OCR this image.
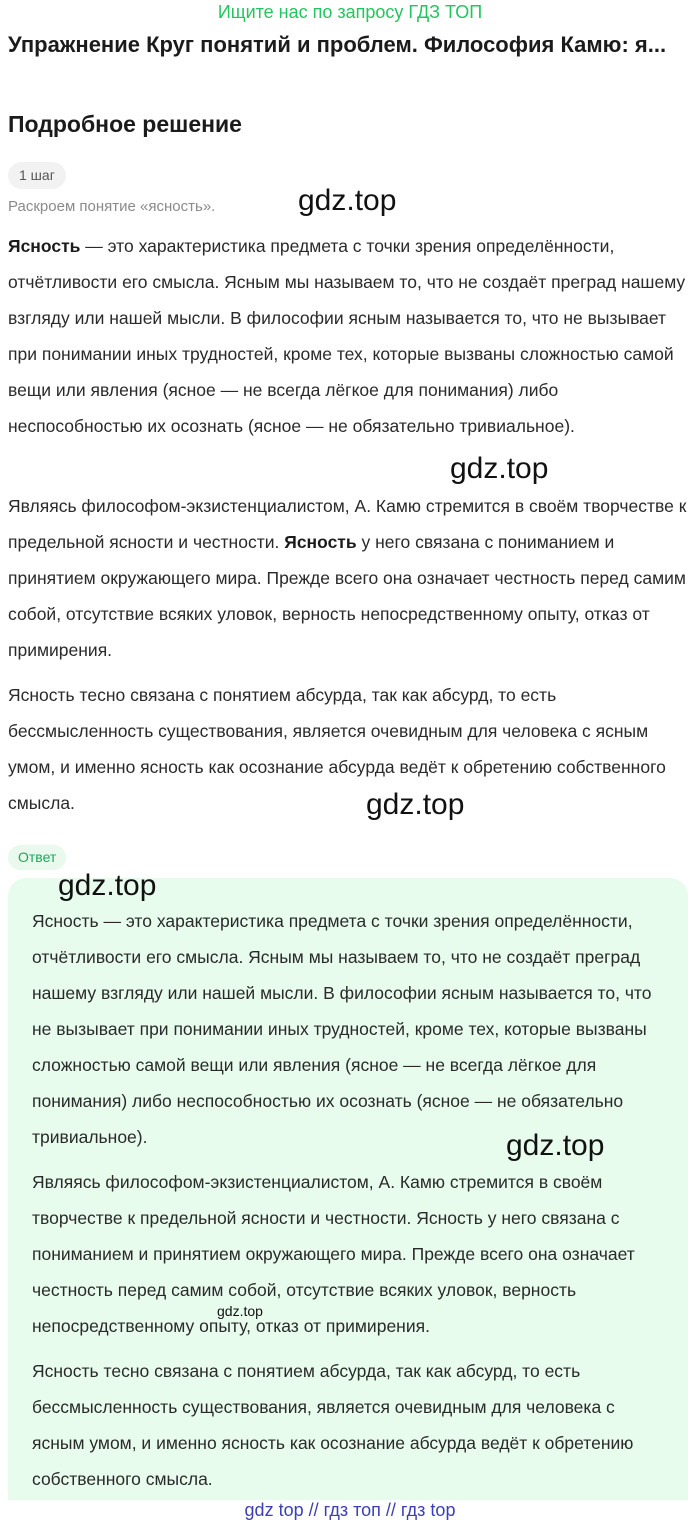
Ищите нас по запросу ГДЗ ТОП
Упражнение Круг понятий и проблем. Философия Камю: я...
Подробное решение
1 шаг
Раскроем понятие «ясность».	gdz.top
Ясность — это характеристика предмета с точки зрения определённости, отчётливости его смысла. Ясным мы называем то, что не создаёт преград нашему взгляду или нашей мысли. В философии ясным называется то, что не вызывает при понимании иных трудностей, кроме тех, которые вызваны сложностью самой вещи или явления (ясное — не всегда лёгкое для понимания) либо неспособностью их осознать (ясное — не обязательно тривиальное).
gdz.top
Являясь философом-экзистенциалистом, А. Камю стремится в своём творчестве к предельной ясности и честности. Ясность у него связана с пониманием и принятием окружающего мира. Прежде всего она означает честность перед самим собой, отсутствие всяких уловок, верность непосредственному опыту, отказ от примирения.
Ясность тесно связана с понятием абсурда, так как абсурд, то есть бессмысленность существования, является очевидным для человека с ясным умом, и именно ясность как осознание абсурда ведёт к обретению собственного смысла.	gdz.top
Ответ
gdz.top
Ясность — это характеристика предмета с точки зрения определённости, отчётливости его смысла. Ясным мы называем то, что не создаёт преград нашему взгляду или нашей мысли. В философии ясным называется то, что не вызывает при понимании иных трудностей, кроме тех, которые вызваны сложностью самой вещи или явления (ясное — не всегда лёгкое для понимания) либо неспособностью их осознать (ясное — не обязательно тривиальное).	gdz.top
Являясь философом-экзистенциалистом, А. Камю стремится в своём творчестве к предельной ясности и честности. Ясность у него связана с пониманием и принятием окружающего мира. Прежде всего она означает честность перед самим собой, отсутствие всяких уловок, верность непосредственному опыту, отказ от примирения.
gdz.top
Ясность тесно связана с понятием абсурда, так как абсурд, то есть бессмысленность существования, является очевидным для человека с ясным умом, и именно ясность как осознание абсурда ведёт к обретению собственного смысла.
gdz top // гдз топ // гдз top
